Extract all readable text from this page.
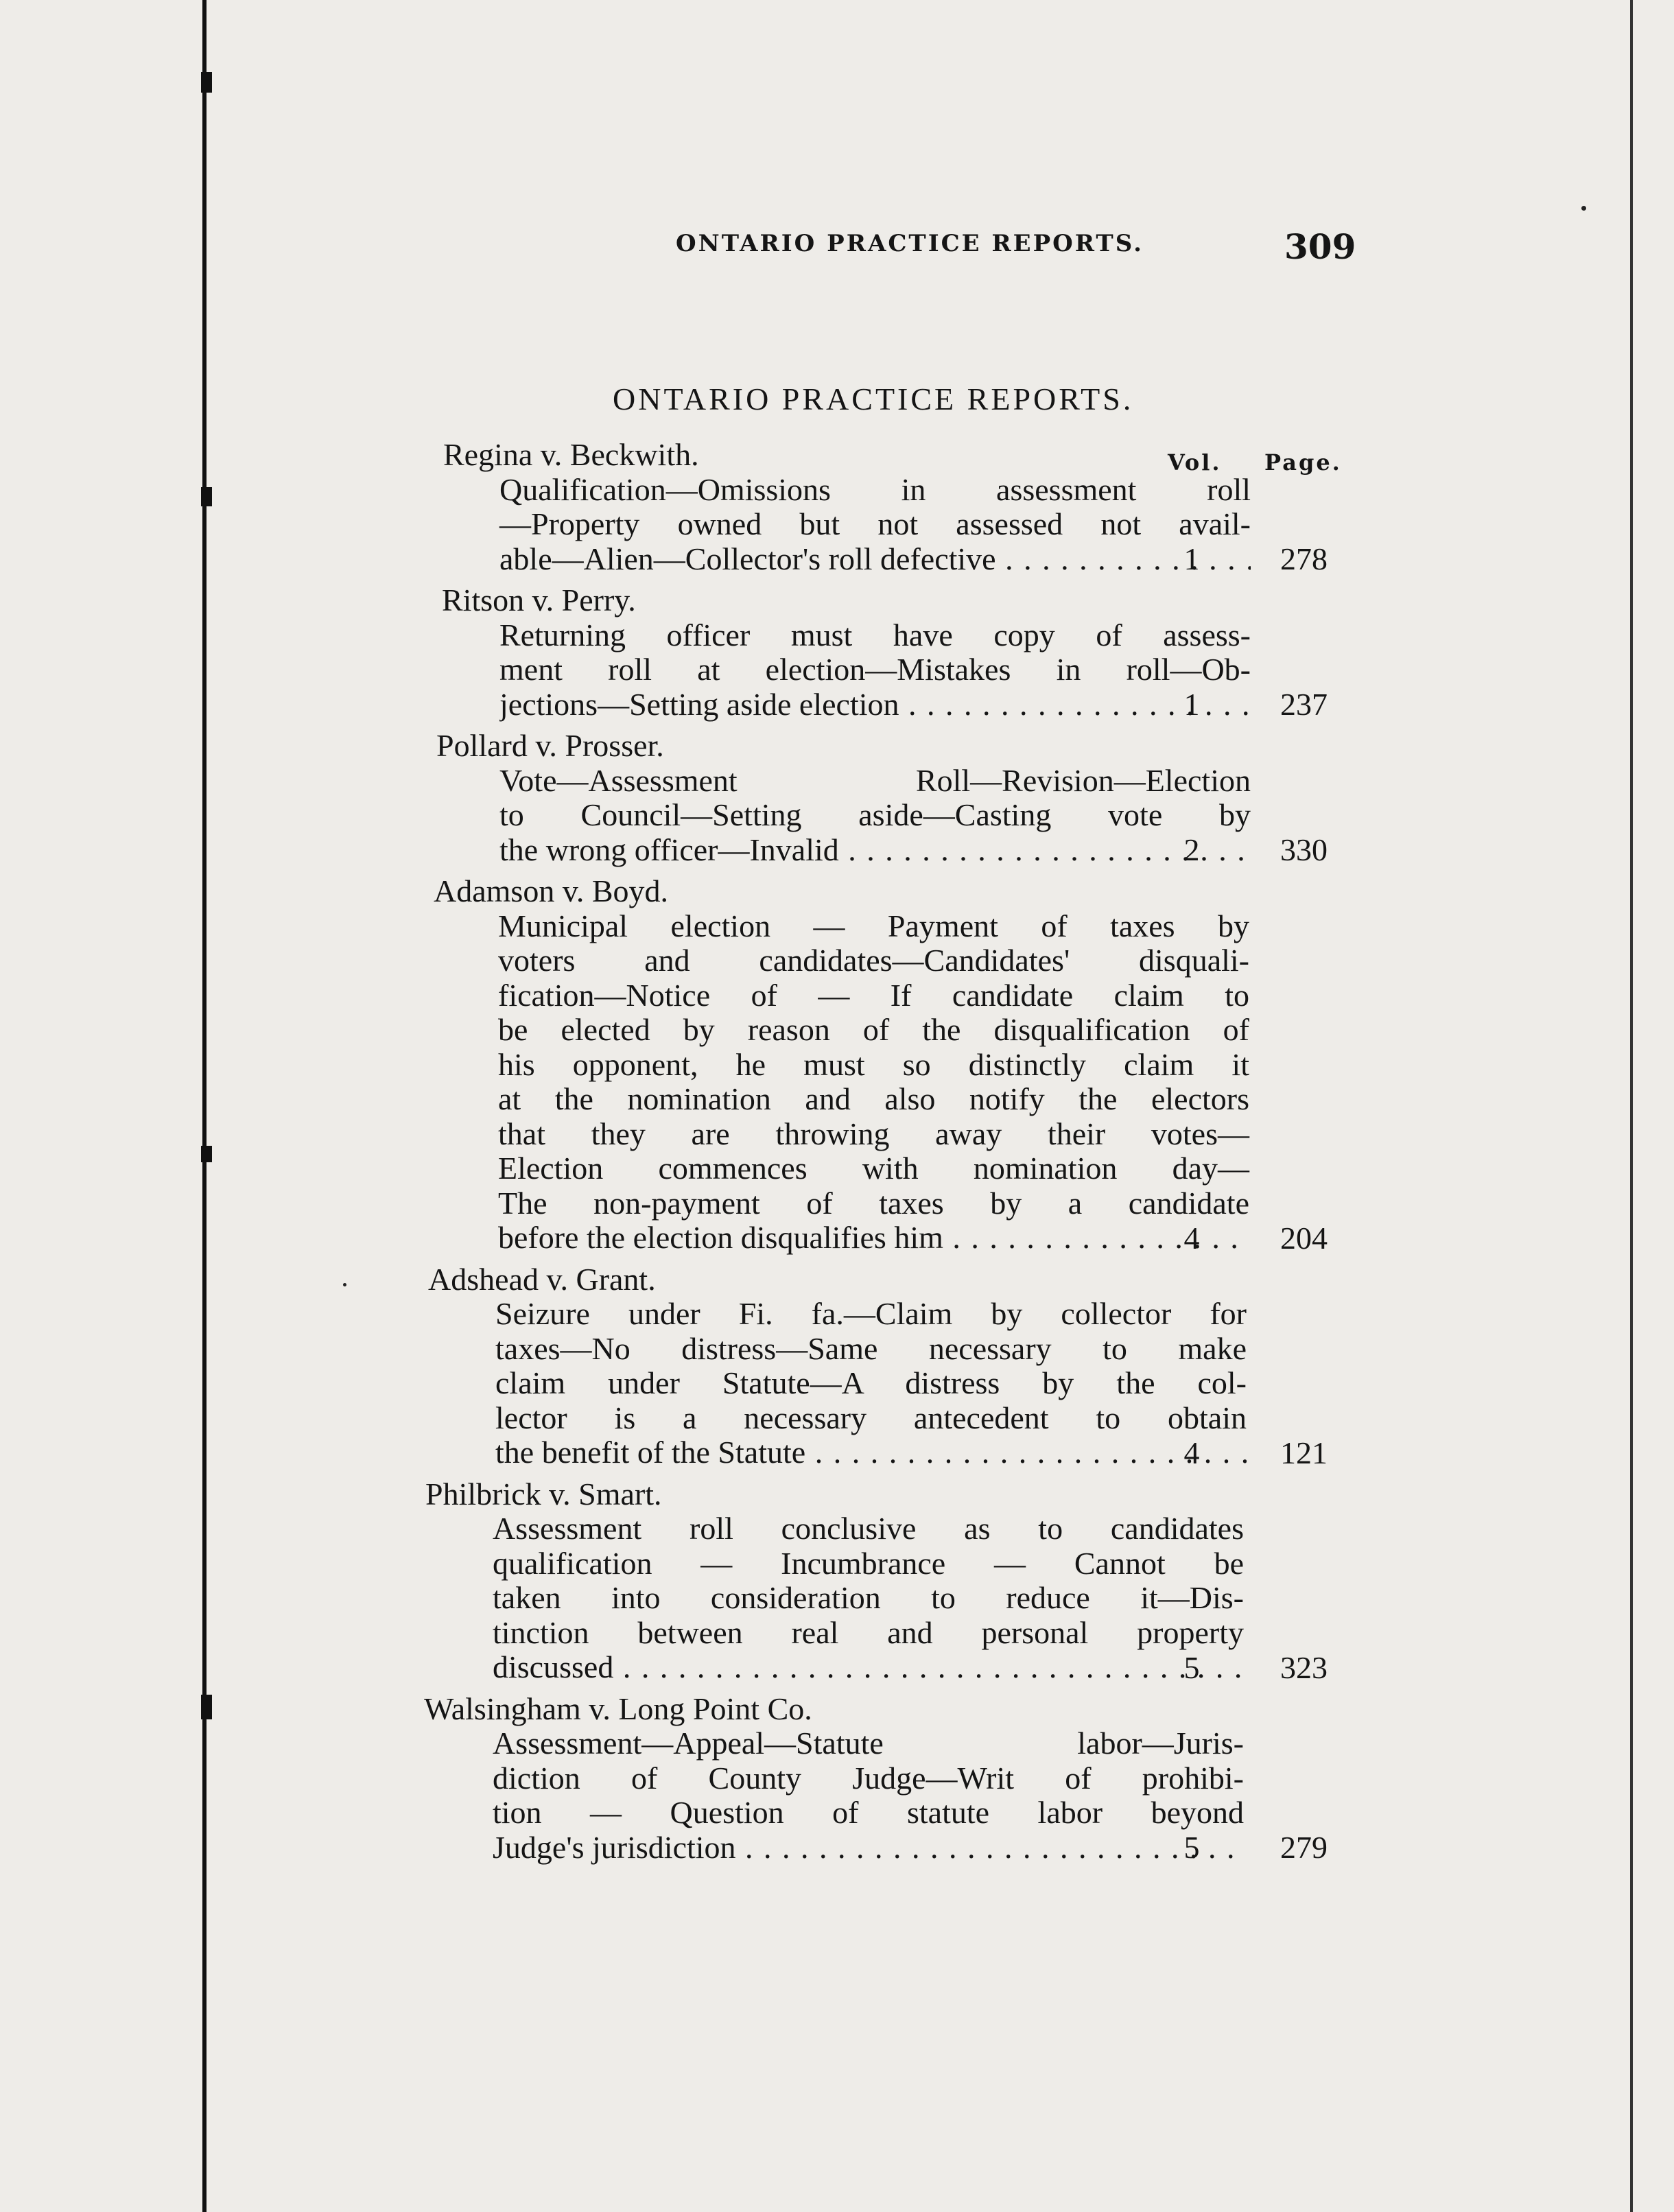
ONTARIO PRACTICE REPORTS.	309
ONTARIO PRACTICE REPORTS.
Vol. Page.
Regina v. Beckwith.
Qualification—Omissions in assessment roll
—Property owned but not assessed not avail-
able—Alien—Collector's roll defective . . .	1	278
Ritson v. Perry.
Returning officer must have copy of assess-
ment roll at election—Mistakes in roll—Ob-
jections—Setting aside election . . .	1	237
Pollard v. Prosser.
Vote—Assessment Roll—Revision—Election
to Council—Setting aside—Casting vote by
the wrong officer—Invalid . . .	2	330
Adamson v. Boyd.
Municipal election — Payment of taxes by
voters and candidates—Candidates' disquali-
fication—Notice of — If candidate claim to
be elected by reason of the disqualification of
his opponent, he must so distinctly claim it
at the nomination and also notify the electors
that they are throwing away their votes—
Election commences with nomination day—
The non-payment of taxes by a candidate
before the election disqualifies him . . .	4	204
Adshead v. Grant.
Seizure under Fi. fa.—Claim by collector for
taxes—No distress—Same necessary to make
claim under Statute—A distress by the col-
lector is a necessary antecedent to obtain
the benefit of the Statute . . .	4	121
Philbrick v. Smart.
Assessment roll conclusive as to candidates
qualification — Incumbrance — Cannot be
taken into consideration to reduce it—Dis-
tinction between real and personal property
discussed . . .	5	323
Walsingham v. Long Point Co.
Assessment—Appeal—Statute labor—Juris-
diction of County Judge—Writ of prohibi-
tion — Question of statute labor beyond
Judge's jurisdiction . . .	5	279
